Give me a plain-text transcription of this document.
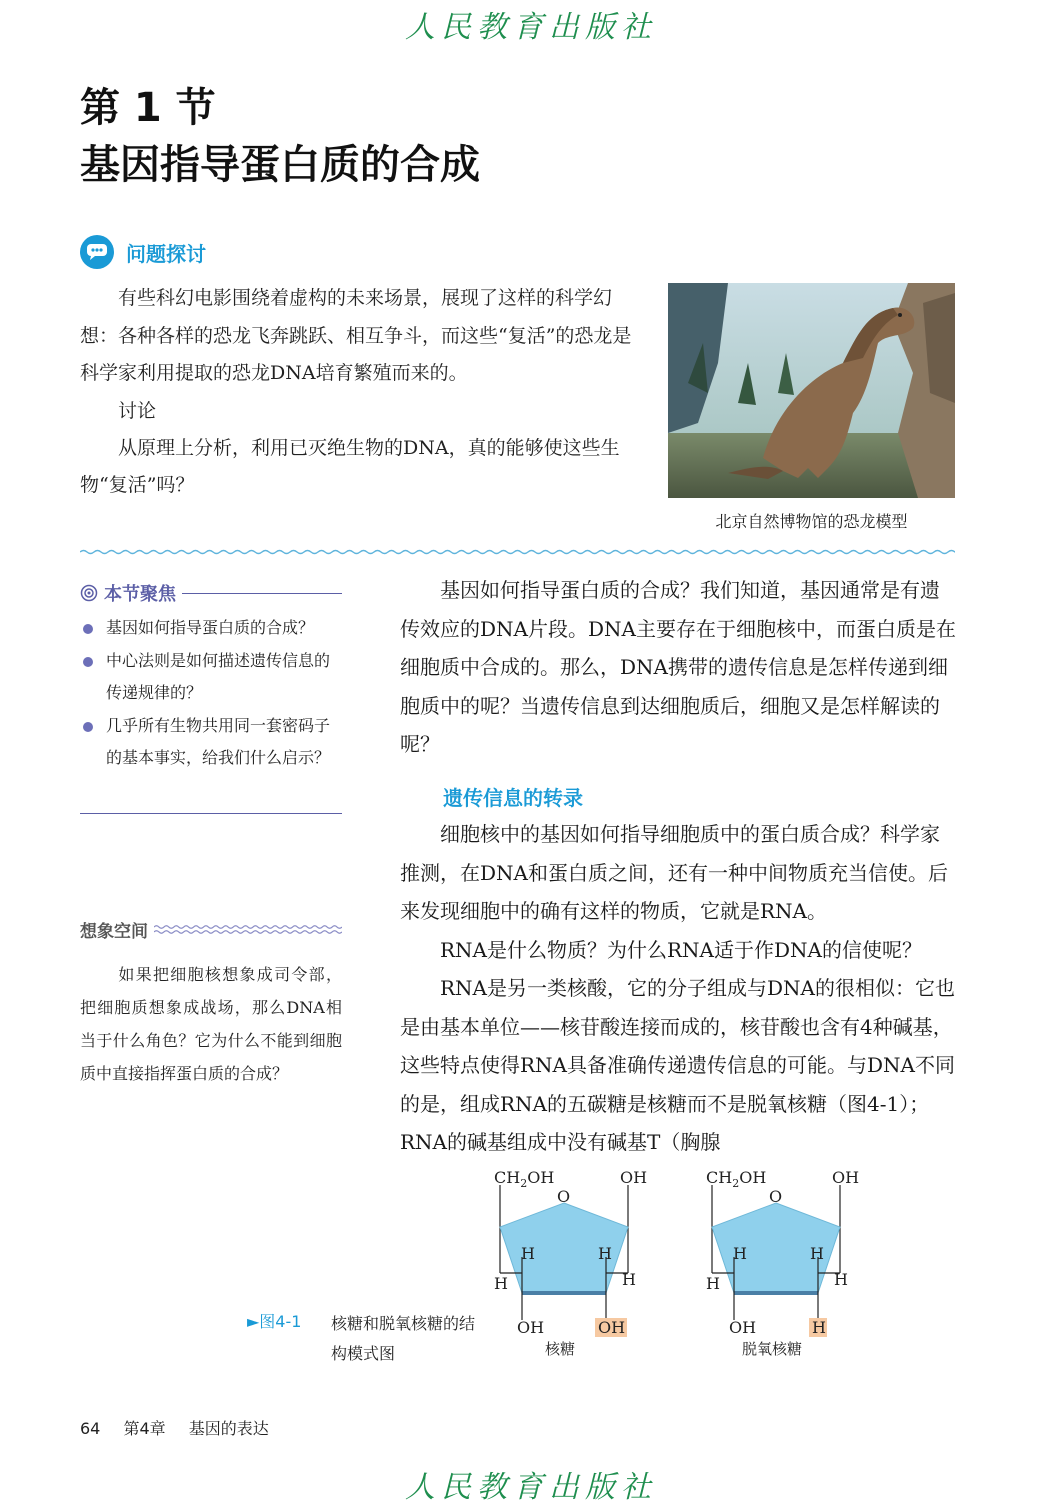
人民教育出版社
第 1 节
基因指导蛋白质的合成
问题探讨

有些科幻电影围绕着虚构的未来场景，展现了这样的科学幻想：各种各样的恐龙飞奔跳跃、相互争斗，而这些“复活”的恐龙是科学家利用提取的恐龙DNA培育繁殖而来的。

讨论

从原理上分析，利用已灭绝生物的DNA，真的能够使这些生物“复活”吗？

北京自然博物馆的恐龙模型
本节聚焦
基因如何指导蛋白质的合成？
中心法则是如何描述遗传信息的传递规律的？
几乎所有生物共用同一套密码子的基本事实，给我们什么启示？
想象空间

如果把细胞核想象成司令部，把细胞质想象成战场，那么DNA相当于什么角色？它为什么不能到细胞质中直接指挥蛋白质的合成？

基因如何指导蛋白质的合成？我们知道，基因通常是有遗传效应的DNA片段。DNA主要存在于细胞核中，而蛋白质是在细胞质中合成的。那么，DNA携带的遗传信息是怎样传递到细胞质中的呢？当遗传信息到达细胞质后，细胞又是怎样解读的呢？

遗传信息的转录

细胞核中的基因如何指导细胞质中的蛋白质合成？科学家推测，在DNA和蛋白质之间，还有一种中间物质充当信使。后来发现细胞中的确有这样的物质，它就是RNA。

RNA是什么物质？为什么RNA适于作DNA的信使呢？

RNA是另一类核酸，它的分子组成与DNA的很相似：它也是由基本单位——核苷酸连接而成的，核苷酸也含有4种碱基，这些特点使得RNA具备准确传递遗传信息的可能。与DNA不同的是，组成RNA的五碳糖是核糖而不是脱氧核糖（图4-1）；RNA的碱基组成中没有碱基T（胸腺

►图4-1 核糖和脱氧核糖的结构模式图
$CH_2OH$
O
OH
H	H
H	H
OH	OH
核糖
$CH_2OH$
O
OH
H	H
H	H
OH	H
脱氧核糖
64 第4章 基因的表达
人民教育出版社
